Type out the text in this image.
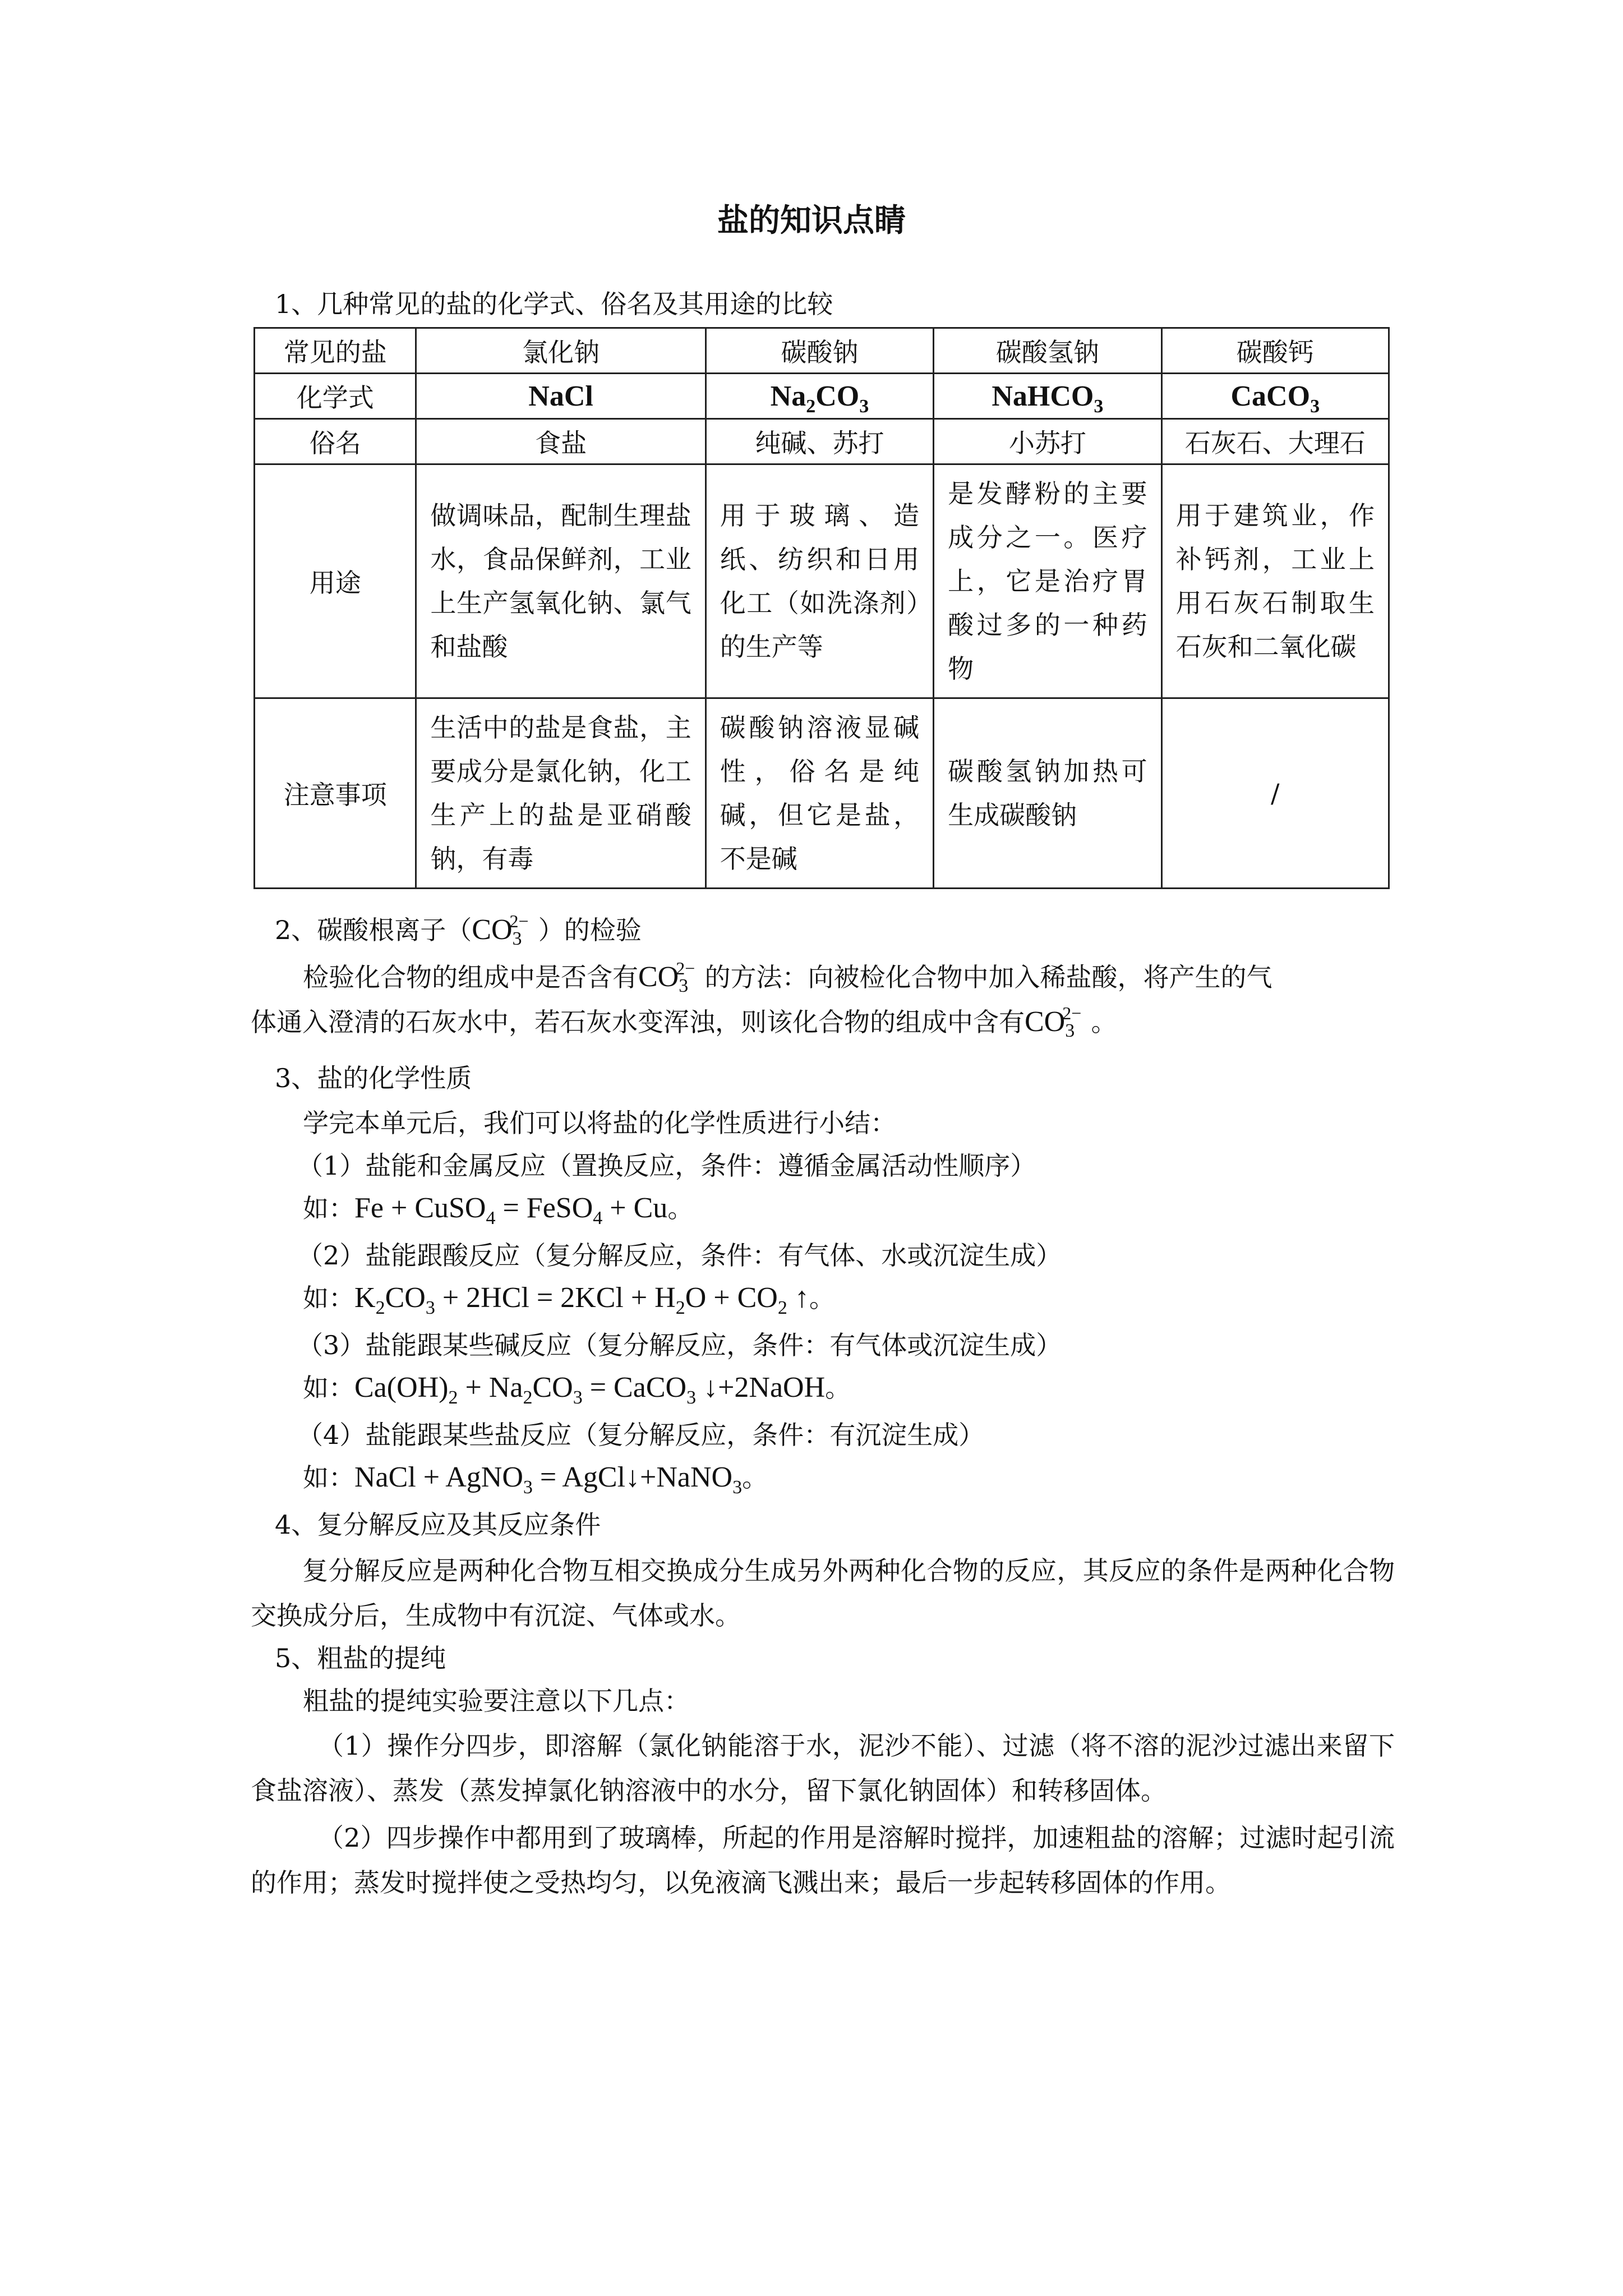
盐的知识点睛
1、几种常见的盐的化学式、俗名及其用途的比较
常见的盐	氯化钠	碳酸钠	碳酸氢钠	碳酸钙
化学式	NaCl	$Na_2CO_3$	NaHCO$_3$	CaCO$_3$
俗名	食盐	纯碱、苏打	小苏打	石灰石、大理石
用途	做调味品，配制生理盐水，食品保鲜剂，工业上生产氢氧化钠、氯气和盐酸	用于玻璃、造纸、纺织和日用化工（如洗涤剂）的生产等	是发酵粉的主要成分之一。医疗上，它是治疗胃酸过多的一种药物	用于建筑业，作补钙剂，工业上用石灰石制取生石灰和二氧化碳
注意事项	生活中的盐是食盐，主要成分是氯化钠，化工生产上的盐是亚硝酸钠，有毒	碳酸钠溶液显碱性，俗名是纯碱，但它是盐，不是碱	碳酸氢钠加热可生成碳酸钠	/
2、碳酸根离子（CO3
2− ）的检验
检验化合物的组成中是否含有CO3
2− 的方法：向被检化合物中加入稀盐酸，将产生的气
体通入澄清的石灰水中，若石灰水变浑浊，则该化合物的组成中含有CO3
2− 。
3、盐的化学性质
学完本单元后，我们可以将盐的化学性质进行小结：
（1）盐能和金属反应（置换反应，条件：遵循金属活动性顺序）
如：Fe + CuSO$_4$ = FeSO$_4$ + Cu。
（2）盐能跟酸反应（复分解反应，条件：有气体、水或沉淀生成）
如：$K_2CO_3 + 2HCl = 2KCl + H_2O + CO_2$ ↑。
（3）盐能跟某些碱反应（复分解反应，条件：有气体或沉淀生成）
如：$Ca(OH)_2 + Na_2CO_3$ = CaCO$_3$ ↓+2NaOH。
（4）盐能跟某些盐反应（复分解反应，条件：有沉淀生成）
如：NaCl + AgNO$_3$ = AgCl↓+NaNO$_3$。
4、复分解反应及其反应条件
复分解反应是两种化合物互相交换成分生成另外两种化合物的反应，其反应的条件是两种化合物交换成分后，生成物中有沉淀、气体或水。
5、粗盐的提纯
粗盐的提纯实验要注意以下几点：
（1）操作分四步，即溶解（氯化钠能溶于水，泥沙不能）、过滤（将不溶的泥沙过滤出来留下食盐溶液）、蒸发（蒸发掉氯化钠溶液中的水分，留下氯化钠固体）和转移固体。
（2）四步操作中都用到了玻璃棒，所起的作用是溶解时搅拌，加速粗盐的溶解；过滤时起引流的作用；蒸发时搅拌使之受热均匀，以免液滴飞溅出来；最后一步起转移固体的作用。
